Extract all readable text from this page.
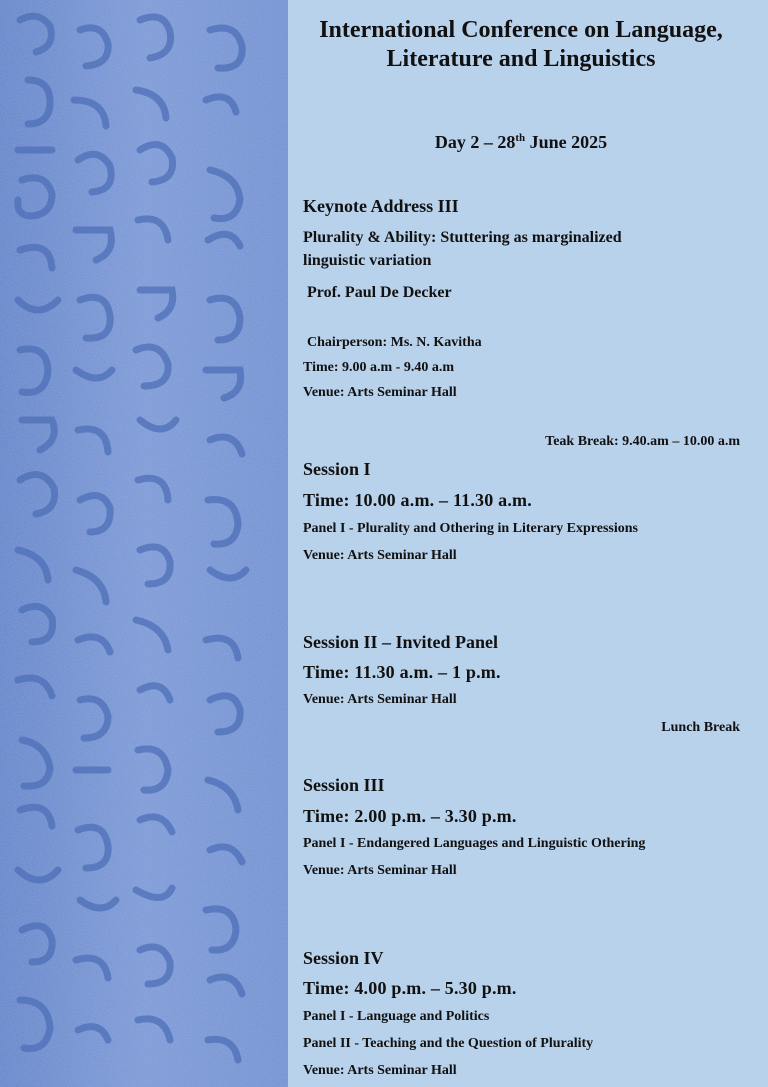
International Conference on Language, Literature and Linguistics
Day 2 – 28th June 2025
Keynote Address III
Plurality & Ability: Stuttering as marginalized
linguistic variation
Prof. Paul De Decker
Chairperson: Ms. N. Kavitha
Time: 9.00 a.m - 9.40 a.m
Venue: Arts Seminar Hall
Teak Break: 9.40.am – 10.00 a.m
Session I
Time: 10.00 a.m. – 11.30 a.m.
Panel I - Plurality and Othering in Literary Expressions
Venue: Arts Seminar Hall
Session II – Invited Panel
Time: 11.30 a.m. – 1 p.m.
Venue: Arts Seminar Hall
Lunch Break
Session III
Time: 2.00 p.m. – 3.30 p.m.
Panel I - Endangered Languages and Linguistic Othering
Venue: Arts Seminar Hall
Session IV
Time: 4.00 p.m. – 5.30 p.m.
Panel I - Language and Politics
Panel II - Teaching and the Question of Plurality
Venue: Arts Seminar Hall
